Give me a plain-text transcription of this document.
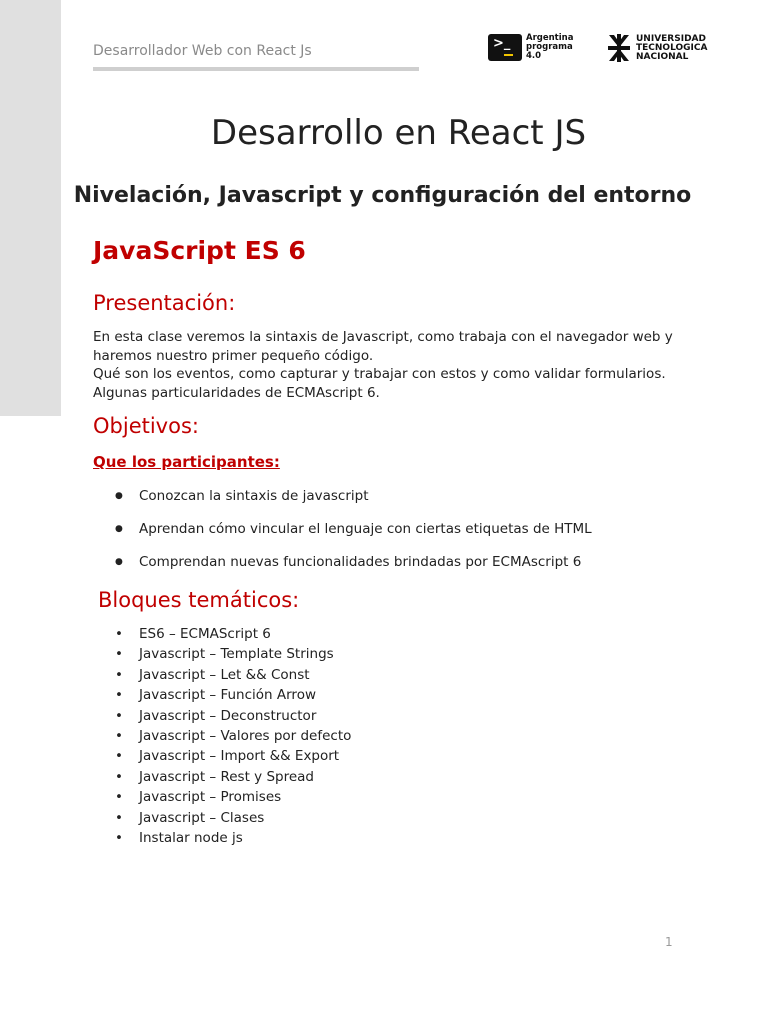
Desarrollador Web con React Js	>_ Argentina
programa
4.0
UNIVERSIDAD
TECNOLOGICA
NACIONAL
Desarrollo en React JS
Nivelación, Javascript y configuración del entorno
JavaScript ES 6
Presentación:

En esta clase veremos la sintaxis de Javascript, como trabaja con el navegador web y haremos nuestro primer pequeño código.

Qué son los eventos, como capturar y trabajar con estos y como validar formularios.

Algunas particularidades de ECMAscript 6.

Objetivos:
Que los participantes:
● Conozcan la sintaxis de javascript
● Aprendan cómo vincular el lenguaje con ciertas etiquetas de HTML
● Comprendan nuevas funcionalidades brindadas por ECMAscript 6
Bloques temáticos:
• ES6 – ECMAScript 6
• Javascript – Template Strings
• Javascript – Let && Const
• Javascript – Función Arrow
• Javascript – Deconstructor
• Javascript – Valores por defecto
• Javascript – Import && Export
• Javascript – Rest y Spread
• Javascript – Promises
• Javascript – Clases
• Instalar node js
1
